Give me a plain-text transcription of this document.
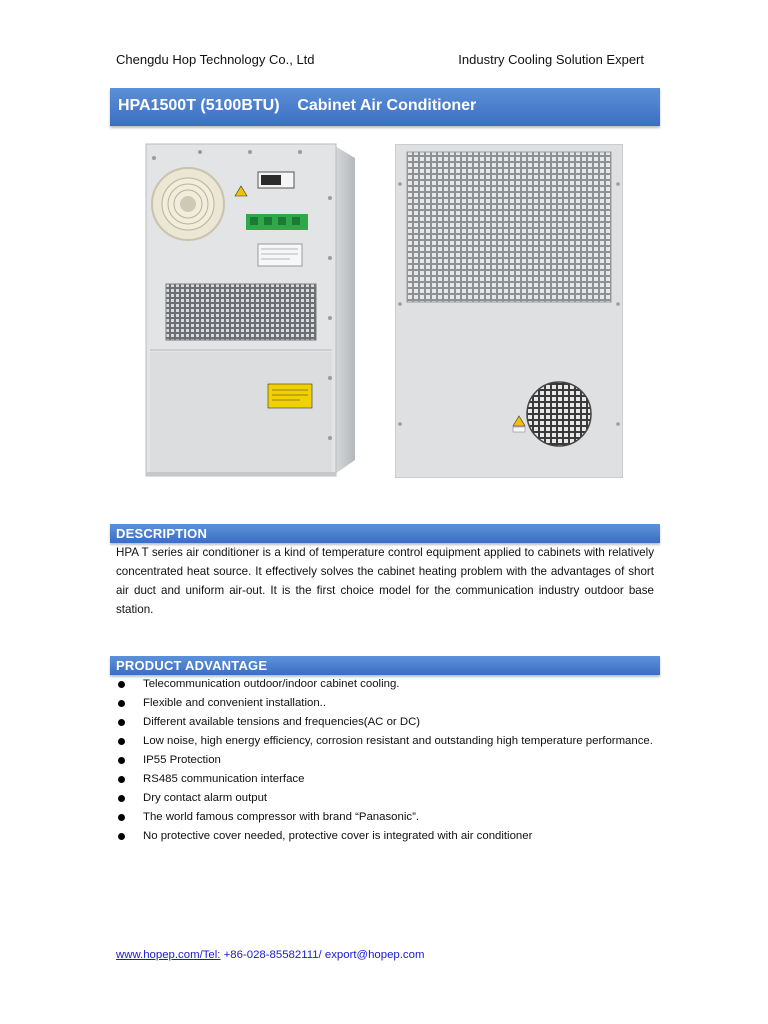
Chengdu Hop Technology Co., Ltd	Industry Cooling Solution Expert
HPA1500T (5100BTU)    Cabinet Air Conditioner
DESCRIPTION
HPA T series air conditioner is a kind of temperature control equipment applied to cabinets with relatively concentrated heat source. It effectively solves the cabinet heating problem with the advantages of short air duct and uniform air-out. It is the first choice model for the communication industry outdoor base station.
PRODUCT ADVANTAGE
Telecommunication outdoor/indoor cabinet cooling.
Flexible and convenient installation..
Different available tensions and frequencies(AC or DC)
Low noise, high energy efficiency, corrosion resistant and outstanding high temperature performance.
IP55 Protection
RS485 communication interface
Dry contact alarm output
The world famous compressor with brand “Panasonic”.
No protective cover needed, protective cover is integrated with air conditioner
www.hopep.com/Tel: +86-028-85582111/ export@hopep.com
